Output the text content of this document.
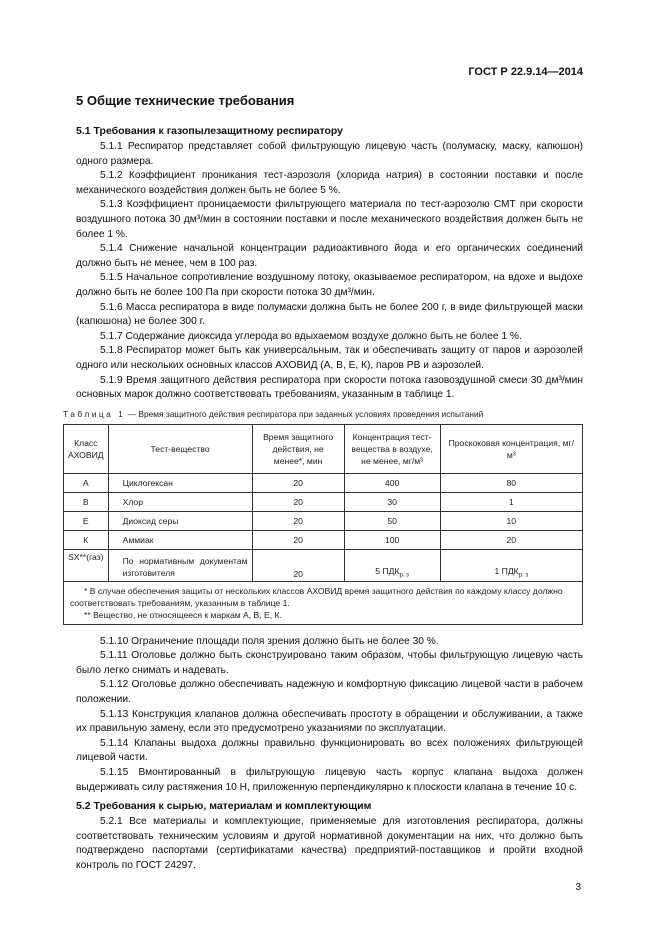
ГОСТ Р 22.9.14—2014
5 Общие технические требования
5.1 Требования к газопылезащитному респиратору

5.1.1 Респиратор представляет собой фильтрующую лицевую часть (полумаску, маску, капюшон) одного размера.

5.1.2 Коэффициент проникания тест-аэрозоля (хлорида натрия) в состоянии поставки и после механического воздействия должен быть не более 5 %.

5.1.3 Коэффициент проницаемости фильтрующего материала по тест-аэрозолю СМТ при скорости воздушного потока 30 дм³/мин в состоянии поставки и после механического воздействия должен быть не более 1 %.

5.1.4 Снижение начальной концентрации радиоактивного йода и его органических соединений должно быть не менее, чем в 100 раз.

5.1.5 Начальное сопротивление воздушному потоку, оказываемое респиратором, на вдохе и выдохе должно быть не более 100 Па при скорости потока 30 дм³/мин.

5.1.6 Масса респиратора в виде полумаски должна быть не более 200 г, в виде фильтрующей маски (капюшона) не более 300 г.

5.1.7 Содержание диоксида углерода во вдыхаемом воздухе должно быть не более 1 %.

5.1.8 Респиратор может быть как универсальным, так и обеспечивать защиту от паров и аэрозолей одного или нескольких основных классов АХОВИД (А, В, Е, К), паров РВ и аэрозолей.

5.1.9 Время защитного действия респиратора при скорости потока газовоздушной смеси 30 дм³/мин основных марок должно соответствовать требованиям, указанным в таблице 1.

Таблица 1 — Время защитного действия респиратора при заданных условиях проведения испытаний
Класс АХОВИД	Тест-вещество	Время защитного действия, не менее*, мин	Концентрация тест-вещества в воздухе, не менее, мг/м³	Проскоковая концентрация, мг/м³
А	Циклогексан	20	400	80
В	Хлор	20	30	1
Е	Диоксид серы	20	50	10
К	Аммиак	20	100	20
SX**(газ)	По нормативным документам изготовителя	20	5 $ПДК_{р. з}$	1 $ПДК_{р. з}$

* В случае обеспечения защиты от нескольких классов АХОВИД время защитного действия по каждому классу должно соответствовать требованиям, указанным в таблице 1.
** Вещество, не относящееся к маркам А, В, Е, К.				

5.1.10 Ограничение площади поля зрения должно быть не более 30 %.

5.1.11 Оголовье должно быть сконструировано таким образом, чтобы фильтрующую лицевую часть было легко снимать и надевать.

5.1.12 Оголовье должно обеспечивать надежную и комфортную фиксацию лицевой части в рабочем положении.

5.1.13 Конструкция клапанов должна обеспечивать простоту в обращении и обслуживании, а также их правильную замену, если это предусмотрено указаниями по эксплуатации.

5.1.14 Клапаны выдоха должны правильно функционировать во всех положениях фильтрующей лицевой части.

5.1.15 Вмонтированный в фильтрующую лицевую часть корпус клапана выдоха должен выдерживать силу растяжения 10 Н, приложенную перпендикулярно к плоскости клапана в течение 10 с.

5.2 Требования к сырью, материалам и комплектующим

5.2.1 Все материалы и комплектующие, применяемые для изготовления респиратора, должны соответствовать техническим условиям и другой нормативной документации на них, что должно быть подтверждено паспортами (сертификатами качества) предприятий-поставщиков и пройти входной контроль по ГОСТ 24297.

3
